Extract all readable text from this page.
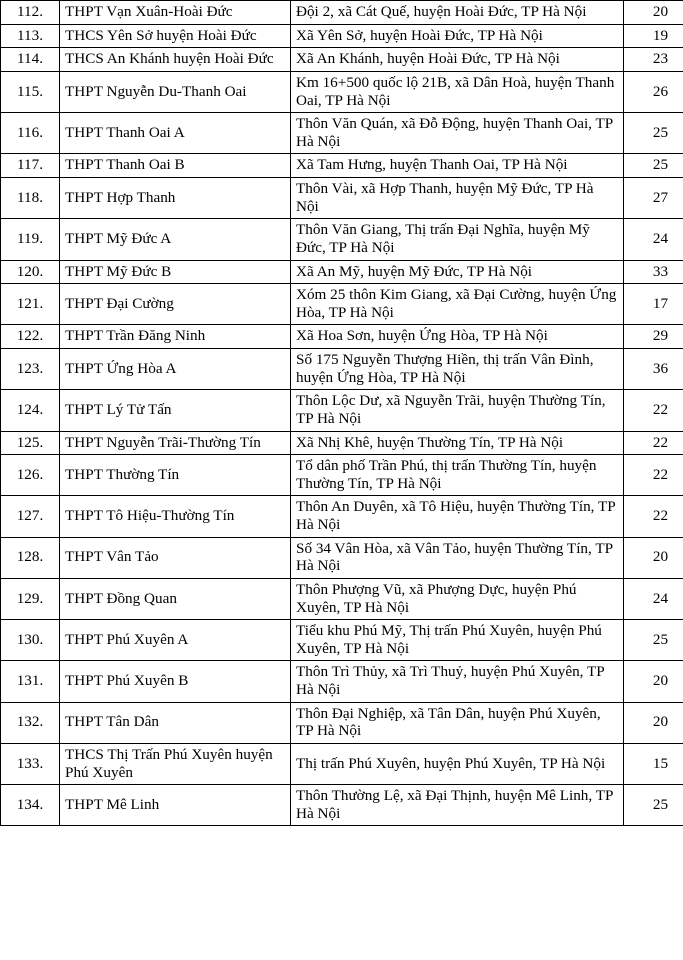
112.	THPT Vạn Xuân-Hoài Đức	Đội 2, xã Cát Quế, huyện Hoài Đức, TP Hà Nội	20
113.	THCS Yên Sở huyện Hoài Đức	Xã Yên Sở, huyện Hoài Đức, TP Hà Nội	19
114.	THCS An Khánh huyện Hoài Đức	Xã An Khánh, huyện Hoài Đức, TP Hà Nội	23
115.	THPT Nguyễn Du-Thanh Oai	Km 16+500 quốc lộ 21B, xã Dân Hoà, huyện Thanh Oai, TP Hà Nội	26
116.	THPT Thanh Oai A	Thôn Văn Quán, xã Đỗ Động, huyện Thanh Oai, TP Hà Nội	25
117.	THPT Thanh Oai B	Xã Tam Hưng, huyện Thanh Oai, TP Hà Nội	25
118.	THPT Hợp Thanh	Thôn Vài, xã Hợp Thanh, huyện Mỹ Đức, TP Hà Nội	27
119.	THPT Mỹ Đức A	Thôn Văn Giang, Thị trấn Đại Nghĩa, huyện Mỹ Đức, TP Hà Nội	24
120.	THPT Mỹ Đức B	Xã An Mỹ, huyện Mỹ Đức, TP Hà Nội	33
121.	THPT Đại Cường	Xóm 25 thôn Kim Giang, xã Đại Cường, huyện Ứng Hòa, TP Hà Nội	17
122.	THPT Trần Đăng Ninh	Xã Hoa Sơn, huyện Ứng Hòa, TP Hà Nội	29
123.	THPT Ứng Hòa A	Số 175 Nguyễn Thượng Hiền, thị trấn Vân Đình, huyện Ứng Hòa, TP Hà Nội	36
124.	THPT Lý Tử Tấn	Thôn Lộc Dư, xã Nguyễn Trãi, huyện Thường Tín, TP Hà Nội	22
125.	THPT Nguyễn Trãi-Thường Tín	Xã Nhị Khê, huyện Thường Tín, TP Hà Nội	22
126.	THPT Thường Tín	Tổ dân phố Trần Phú, thị trấn Thường Tín, huyện Thường Tín, TP Hà Nội	22
127.	THPT Tô Hiệu-Thường Tín	Thôn An Duyên, xã Tô Hiệu, huyện Thường Tín, TP Hà Nội	22
128.	THPT Vân Tảo	Số 34 Vân Hòa, xã Vân Tảo, huyện Thường Tín, TP Hà Nội	20
129.	THPT Đồng Quan	Thôn Phượng Vũ, xã Phượng Dực, huyện Phú Xuyên, TP Hà Nội	24
130.	THPT Phú Xuyên A	Tiểu khu Phú Mỹ, Thị trấn Phú Xuyên, huyện Phú Xuyên, TP Hà Nội	25
131.	THPT Phú Xuyên B	Thôn Trì Thủy, xã Trì Thuỷ, huyện Phú Xuyên, TP Hà Nội	20
132.	THPT Tân Dân	Thôn Đại Nghiệp, xã Tân Dân, huyện Phú Xuyên, TP Hà Nội	20
133.	THCS Thị Trấn Phú Xuyên huyện Phú Xuyên	Thị trấn Phú Xuyên, huyện Phú Xuyên, TP Hà Nội	15
134.	THPT Mê Linh	Thôn Thường Lệ, xã Đại Thịnh, huyện Mê Linh, TP Hà Nội	25
